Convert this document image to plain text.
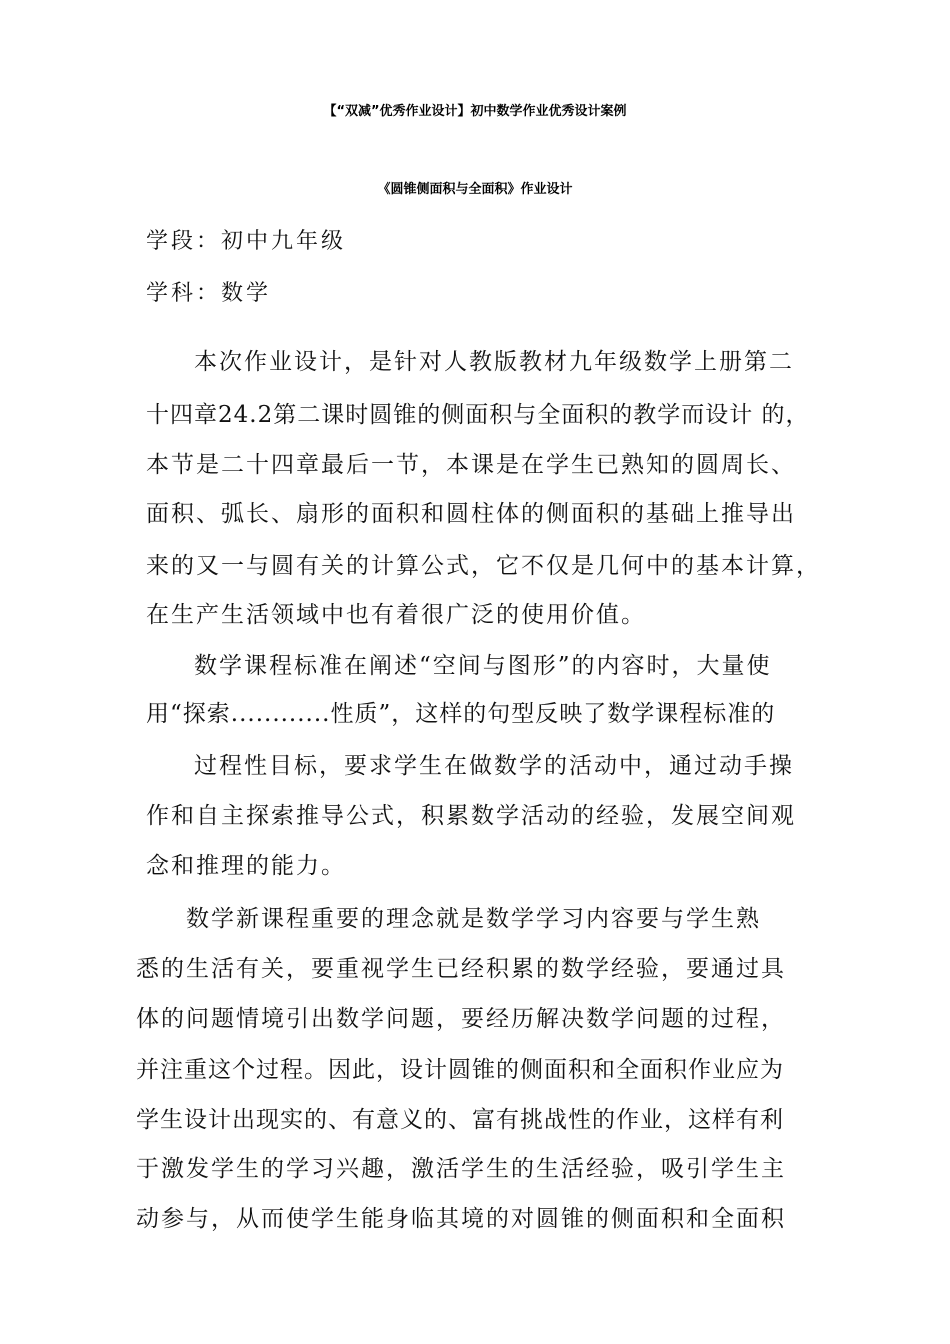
【“双减”优秀作业设计】初中数学作业优秀设计案例
《圆锥侧面积与全面积》作业设计
学段：初中九年级
学科：数学
本次作业设计，是针对人教版教材九年级数学上册第二
十四章24.2第二课时圆锥的侧面积与全面积的教学而设计 的，
本节是二十四章最后一节，本课是在学生已熟知的圆周长、
面积、弧长、扇形的面积和圆柱体的侧面积的基础上推导出
来的又一与圆有关的计算公式，它不仅是几何中的基本计算，
在生产生活领域中也有着很广泛的使用价值。
数学课程标准在阐述“空间与图形”的内容时，大量使
用“探索............性质”，这样的句型反映了数学课程标准的
过程性目标，要求学生在做数学的活动中，通过动手操
作和自主探索推导公式，积累数学活动的经验，发展空间观
念和推理的能力。
数学新课程重要的理念就是数学学习内容要与学生熟
悉的生活有关，要重视学生已经积累的数学经验，要通过具
体的问题情境引出数学问题，要经历解决数学问题的过程，
并注重这个过程。因此，设计圆锥的侧面积和全面积作业应为
学生设计出现实的、有意义的、富有挑战性的作业，这样有利
于激发学生的学习兴趣，激活学生的生活经验，吸引学生主
动参与，从而使学生能身临其境的对圆锥的侧面积和全面积
